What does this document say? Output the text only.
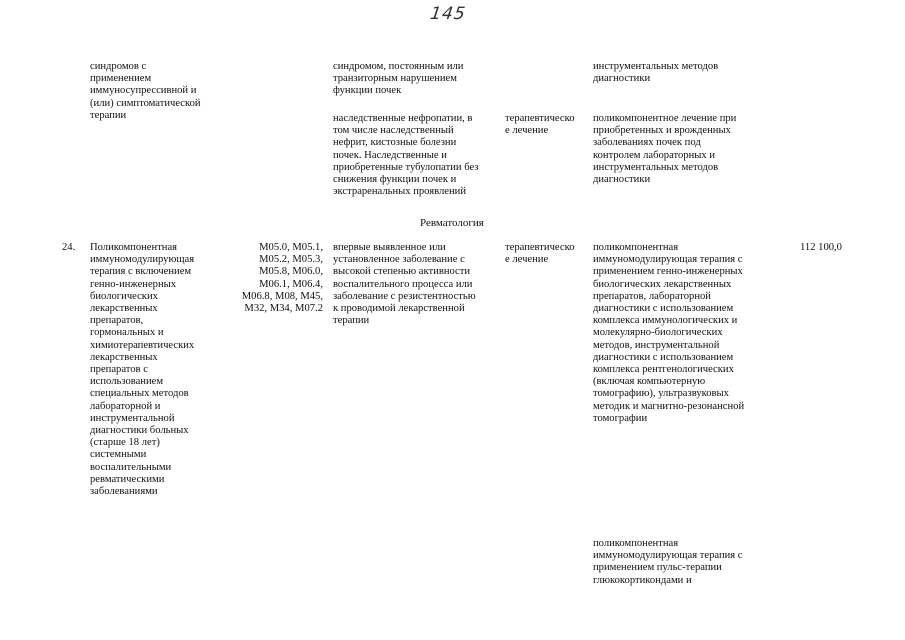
145
синдромов с
применением
иммуносупрессивной и
(или) симптоматической
терапии
синдромом, постоянным или
транзиторным нарушением
функции почек
инструментальных методов
диагностики
наследственные нефропатии, в
том числе наследственный
нефрит, кистозные болезни
почек. Наследственные и
приобретенные тубулопатии без
снижения функции почек и
экстраренальных проявлений
терапевтическо
е лечение
поликомпонентное лечение при
приобретенных и врожденных
заболеваниях почек под
контролем лабораторных и
инструментальных методов
диагностики
Ревматология
24.	Поликомпонентная
иммуномодулирующая
терапия с включением
генно-инженерных
биологических
лекарственных
препаратов,
гормональных и
химиотерапевтических
лекарственных
препаратов с
использованием
специальных методов
лабораторной и
инструментальной
диагностики больных
(старше 18 лет)
системными
воспалительными
ревматическими
заболеваниями
M05.0, M05.1,
M05.2, M05.3,
M05.8, M06.0,
M06.1, M06.4,
M06.8, M08, M45,
M32, M34, M07.2
впервые выявленное или
установленное заболевание с
высокой степенью активности
воспалительного процесса или
заболевание с резистентностью
к проводимой лекарственной
терапии
терапевтическо
е лечение
поликомпонентная
иммуномодулирующая терапия с
применением генно-инженерных
биологических лекарственных
препаратов, лабораторной
диагностики с использованием
комплекса иммунологических и
молекулярно-биологических
методов, инструментальной
диагностики с использованием
комплекса рентгенологических
(включая компьютерную
томографию), ультразвуковых
методик и магнитно-резонансной
томографии
112 100,0
поликомпонентная
иммуномодулирующая терапия с
применением пульс-терапии
глюкокортикондами и
